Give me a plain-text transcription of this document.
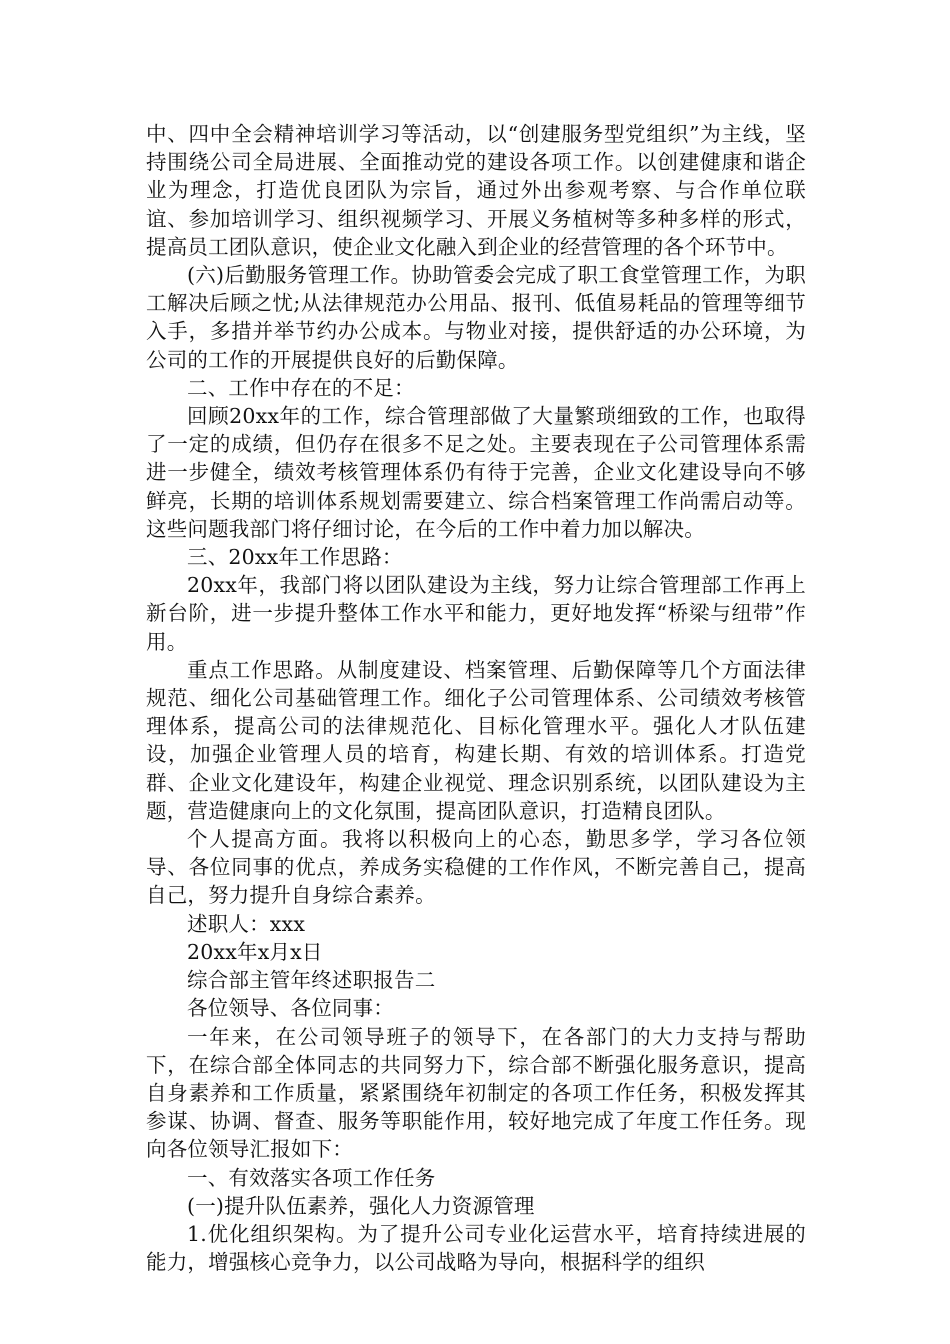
中、四中全会精神培训学习等活动，以“创建服务型党组织”为主线，坚持围绕公司全局进展、全面推动党的建设各项工作。以创建健康和谐企业为理念，打造优良团队为宗旨，通过外出参观考察、与合作单位联谊、参加培训学习、组织视频学习、开展义务植树等多种多样的形式，提高员工团队意识，使企业文化融入到企业的经营管理的各个环节中。

(六)后勤服务管理工作。协助管委会完成了职工食堂管理工作，为职工解决后顾之忧;从法律规范办公用品、报刊、低值易耗品的管理等细节入手，多措并举节约办公成本。与物业对接，提供舒适的办公环境，为公司的工作的开展提供良好的后勤保障。

二、工作中存在的不足：

回顾20xx年的工作，综合管理部做了大量繁琐细致的工作，也取得了一定的成绩，但仍存在很多不足之处。主要表现在子公司管理体系需进一步健全，绩效考核管理体系仍有待于完善，企业文化建设导向不够鲜亮，长期的培训体系规划需要建立、综合档案管理工作尚需启动等。这些问题我部门将仔细讨论，在今后的工作中着力加以解决。

三、20xx年工作思路：

20xx年，我部门将以团队建设为主线，努力让综合管理部工作再上新台阶，进一步提升整体工作水平和能力，更好地发挥“桥梁与纽带”作用。

重点工作思路。从制度建设、档案管理、后勤保障等几个方面法律规范、细化公司基础管理工作。细化子公司管理体系、公司绩效考核管理体系，提高公司的法律规范化、目标化管理水平。强化人才队伍建设，加强企业管理人员的培育，构建长期、有效的培训体系。打造党群、企业文化建设年，构建企业视觉、理念识别系统，以团队建设为主题，营造健康向上的文化氛围，提高团队意识，打造精良团队。

个人提高方面。我将以积极向上的心态，勤思多学，学习各位领导、各位同事的优点，养成务实稳健的工作作风，不断完善自己，提高自己，努力提升自身综合素养。

述职人：xxx

20xx年x月x日

综合部主管年终述职报告二

各位领导、各位同事：

一年来，在公司领导班子的领导下，在各部门的大力支持与帮助下，在综合部全体同志的共同努力下，综合部不断强化服务意识，提高自身素养和工作质量，紧紧围绕年初制定的各项工作任务，积极发挥其参谋、协调、督查、服务等职能作用，较好地完成了年度工作任务。现向各位领导汇报如下：

一、有效落实各项工作任务

(一)提升队伍素养，强化人力资源管理

1.优化组织架构。为了提升公司专业化运营水平，培育持续进展的能力，增强核心竞争力，以公司战略为导向，根据科学的组织
